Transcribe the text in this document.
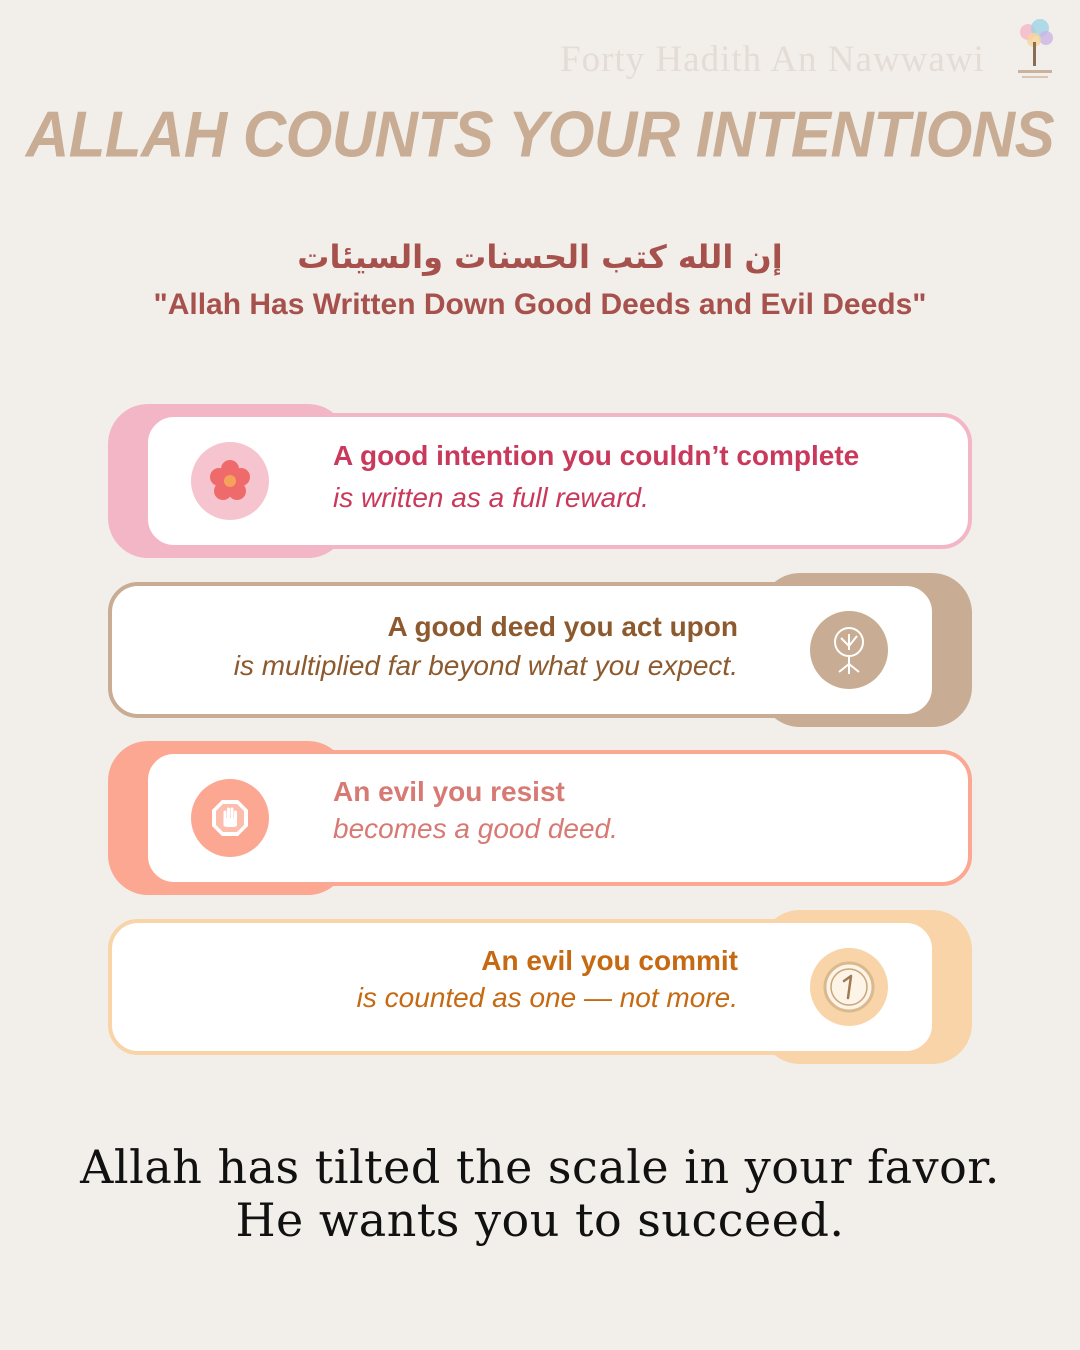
Forty Hadith An Nawwawi
ALLAH COUNTS YOUR INTENTIONS
إن الله كتب الحسنات والسيئات
"Allah Has Written Down Good Deeds and Evil Deeds"
A good intention you couldn’t complete
is written as a full reward.
A good deed you act upon
is multiplied far beyond what you expect.
An evil you resist
becomes a good deed.
An evil you commit
is counted as one — not more.
Allah has tilted the scale in your favor.
He wants you to succeed.
